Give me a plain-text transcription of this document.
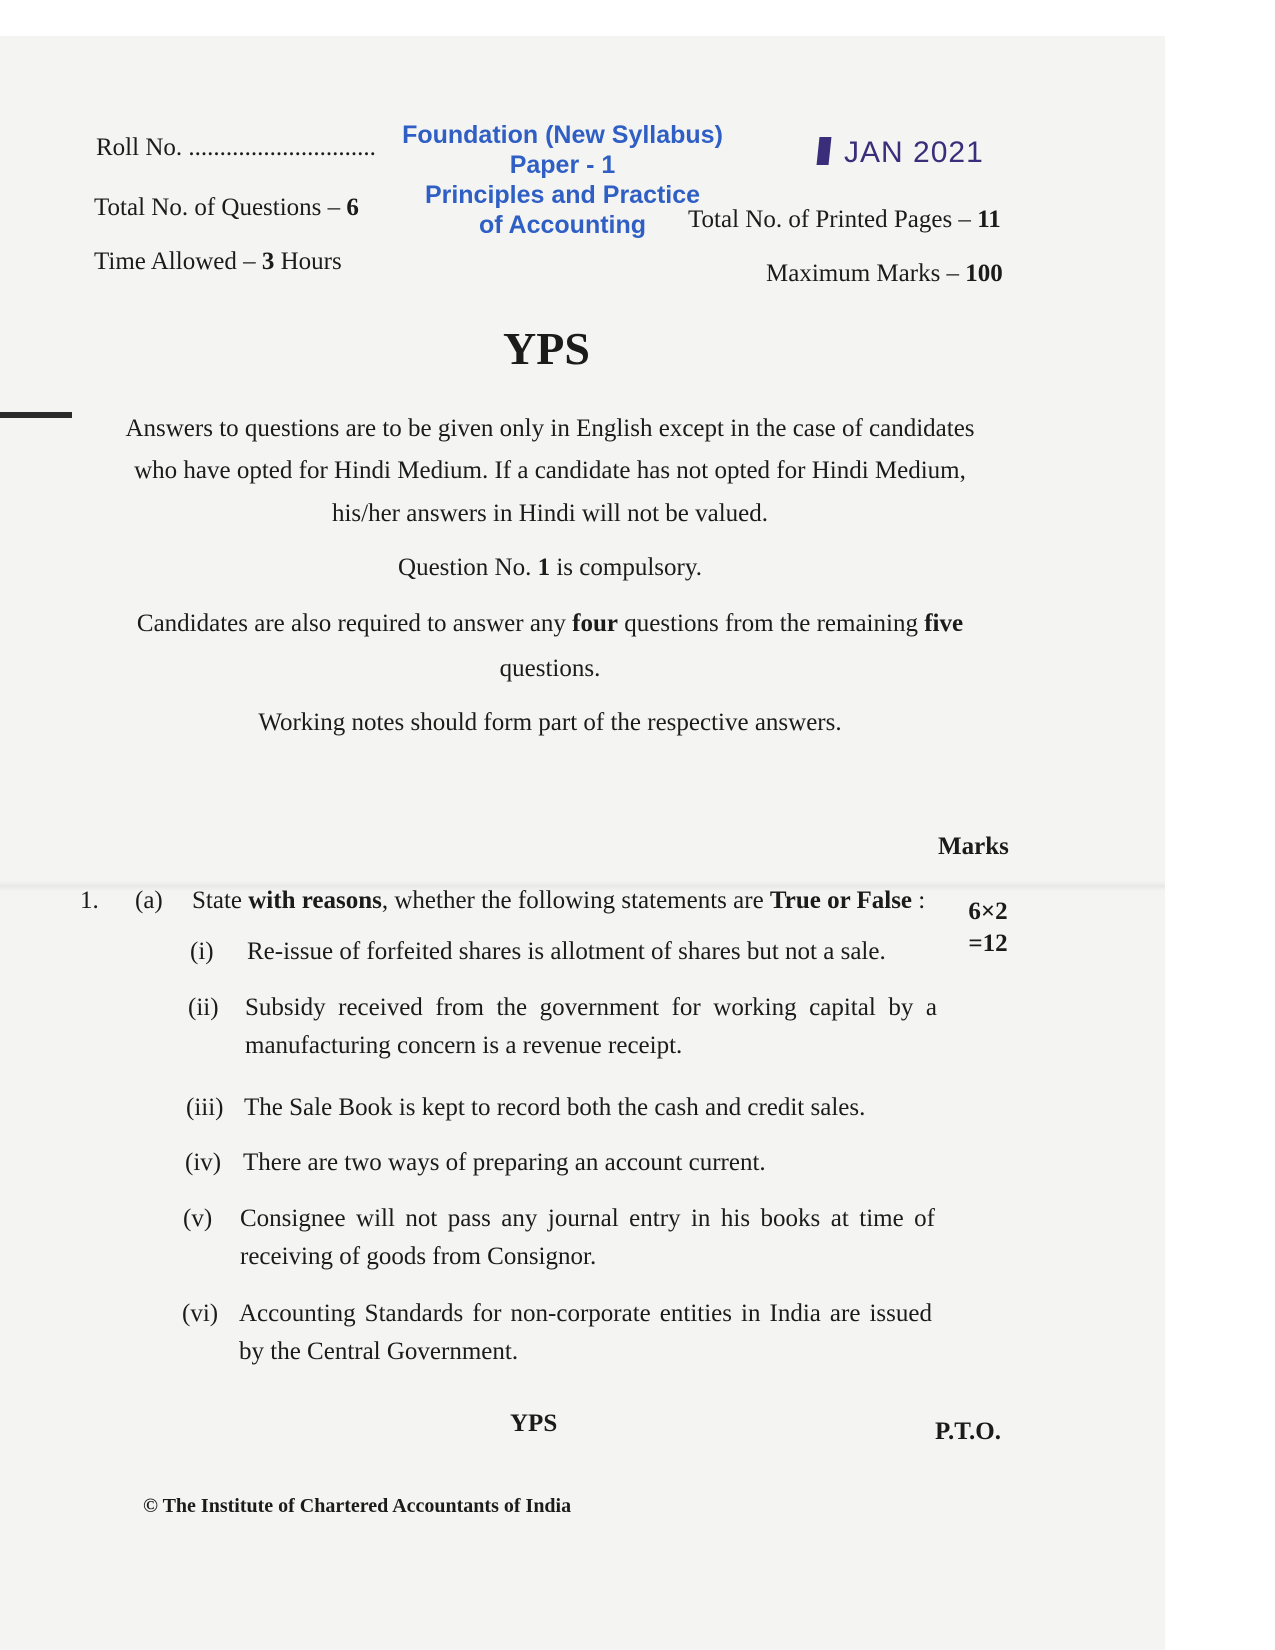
Roll No. ..............................
Total No. of Questions – 6
Time Allowed – 3 Hours
Foundation (New Syllabus)
Paper - 1
Principles and Practice
of Accounting
JAN 2021
Total No. of Printed Pages – 11
Maximum Marks – 100
YPS
Answers to questions are to be given only in English except in the case of candidates
who have opted for Hindi Medium. If a candidate has not opted for Hindi Medium,
his/her answers in Hindi will not be valued.
Question No. 1 is compulsory.
Candidates are also required to answer any four questions from the remaining five
questions.
Working notes should form part of the respective answers.
Marks
1. (a) State with reasons, whether the following statements are True or False :	6×2
=12
(i) Re-issue of forfeited shares is allotment of shares but not a sale.
(ii) Subsidy received from the government for working capital by a manufacturing concern is a revenue receipt.
(iii) The Sale Book is kept to record both the cash and credit sales.
(iv) There are two ways of preparing an account current.
(v) Consignee will not pass any journal entry in his books at time of receiving of goods from Consignor.
(vi) Accounting Standards for non-corporate entities in India are issued by the Central Government.
YPS	P.T.O.
© The Institute of Chartered Accountants of India
